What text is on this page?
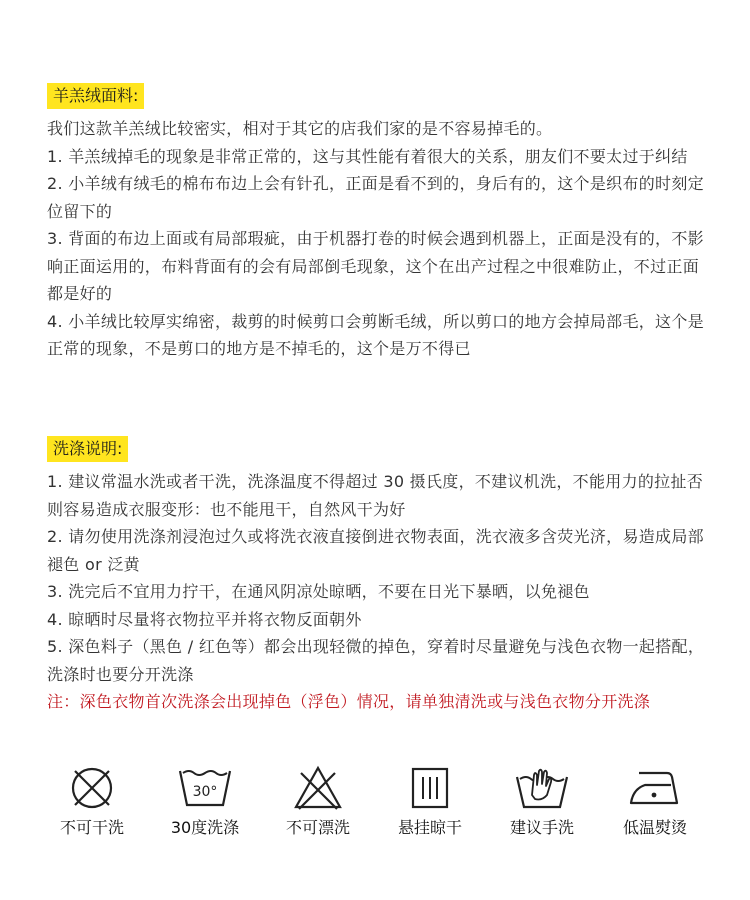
羊羔绒面料:

我们这款羊羔绒比较密实，相对于其它的店我们家的是不容易掉毛的。

1. 羊羔绒掉毛的现象是非常正常的，这与其性能有着很大的关系，朋友们不要太过于纠结

2. 小羊绒有绒毛的棉布布边上会有针孔，正面是看不到的，身后有的，这个是织布的时刻定位留下的

3. 背面的布边上面或有局部瑕疵，由于机器打卷的时候会遇到机器上，正面是没有的，不影响正面运用的，布料背面有的会有局部倒毛现象，这个在出产过程之中很难防止，不过正面都是好的

4. 小羊绒比较厚实绵密，裁剪的时候剪口会剪断毛绒，所以剪口的地方会掉局部毛，这个是正常的现象，不是剪口的地方是不掉毛的，这个是万不得已

洗涤说明:

1. 建议常温水洗或者干洗，洗涤温度不得超过 30 摄氏度，不建议机洗，不能用力的拉扯否则容易造成衣服变形：也不能甩干，自然风干为好

2. 请勿使用洗涤剂浸泡过久或将洗衣液直接倒进衣物表面，洗衣液多含荧光济，易造成局部褪色 or 泛黄

3. 洗完后不宜用力拧干，在通风阴凉处晾晒，不要在日光下暴晒，以免褪色

4. 晾晒时尽量将衣物拉平并将衣物反面朝外

5. 深色料子（黑色 / 红色等）都会出现轻微的掉色，穿着时尽量避免与浅色衣物一起搭配，洗涤时也要分开洗涤

注：深色衣物首次洗涤会出现掉色（浮色）情况，请单独清洗或与浅色衣物分开洗涤

不可干洗
30°
30度洗涤	不可漂洗	悬挂晾干	建议手洗	低温熨烫
